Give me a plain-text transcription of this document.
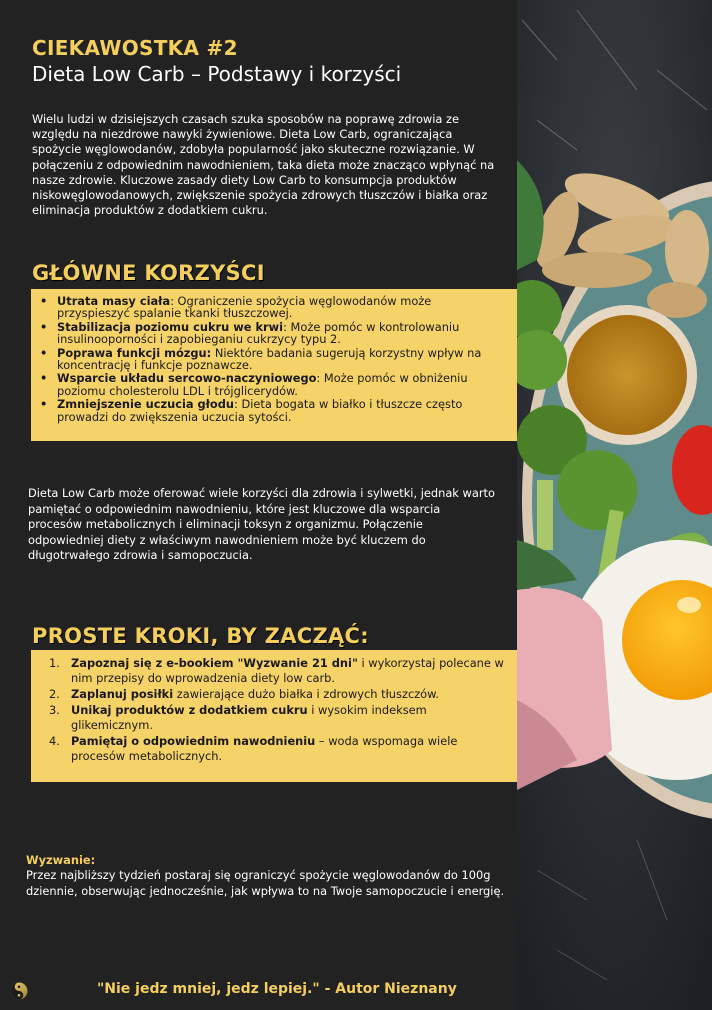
CIEKAWOSTKA #2
Dieta Low Carb – Podstawy i korzyści

Wielu ludzi w dzisiejszych czasach szuka sposobów na poprawę zdrowia ze względu na niezdrowe nawyki żywieniowe. Dieta Low Carb, ograniczająca spożycie węglowodanów, zdobyła popularność jako skuteczne rozwiązanie. W połączeniu z odpowiednim nawodnieniem, taka dieta może znacząco wpłynąć na nasze zdrowie. Kluczowe zasady diety Low Carb to konsumpcja produktów niskowęglowodanowych, zwiększenie spożycia zdrowych tłuszczów i białka oraz eliminacja produktów z dodatkiem cukru.

GŁÓWNE KORZYŚCI
• Utrata masy ciała: Ograniczenie spożycia węglowodanów może przyspieszyć spalanie tkanki tłuszczowej.
• Stabilizacja poziomu cukru we krwi: Może pomóc w kontrolowaniu insulinooporności i zapobieganiu cukrzycy typu 2.
• Poprawa funkcji mózgu: Niektóre badania sugerują korzystny wpływ na koncentrację i funkcje poznawcze.
• Wsparcie układu sercowo-naczyniowego: Może pomóc w obniżeniu poziomu cholesterolu LDL i trójglicerydów.
• Zmniejszenie uczucia głodu: Dieta bogata w białko i tłuszcze często prowadzi do zwiększenia uczucia sytości.

Dieta Low Carb może oferować wiele korzyści dla zdrowia i sylwetki, jednak warto pamiętać o odpowiednim nawodnieniu, które jest kluczowe dla wsparcia procesów metabolicznych i eliminacji toksyn z organizmu. Połączenie odpowiedniej diety z właściwym nawodnieniem może być kluczem do długotrwałego zdrowia i samopoczucia.

PROSTE KROKI, BY ZACZĄĆ:
1. Zapoznaj się z e-bookiem "Wyzwanie 21 dni" i wykorzystaj polecane w nim przepisy do wprowadzenia diety low carb.
2. Zaplanuj posiłki zawierające dużo białka i zdrowych tłuszczów.
3. Unikaj produktów z dodatkiem cukru i wysokim indeksem glikemicznym.
4. Pamiętaj o odpowiednim nawodnieniu – woda wspomaga wiele procesów metabolicznych.
Wyzwanie:

Przez najbliższy tydzień postaraj się ograniczyć spożycie węglowodanów do 100g dziennie, obserwując jednocześnie, jak wpływa to na Twoje samopoczucie i energię.

"Nie jedz mniej, jedz lepiej." - Autor Nieznany
